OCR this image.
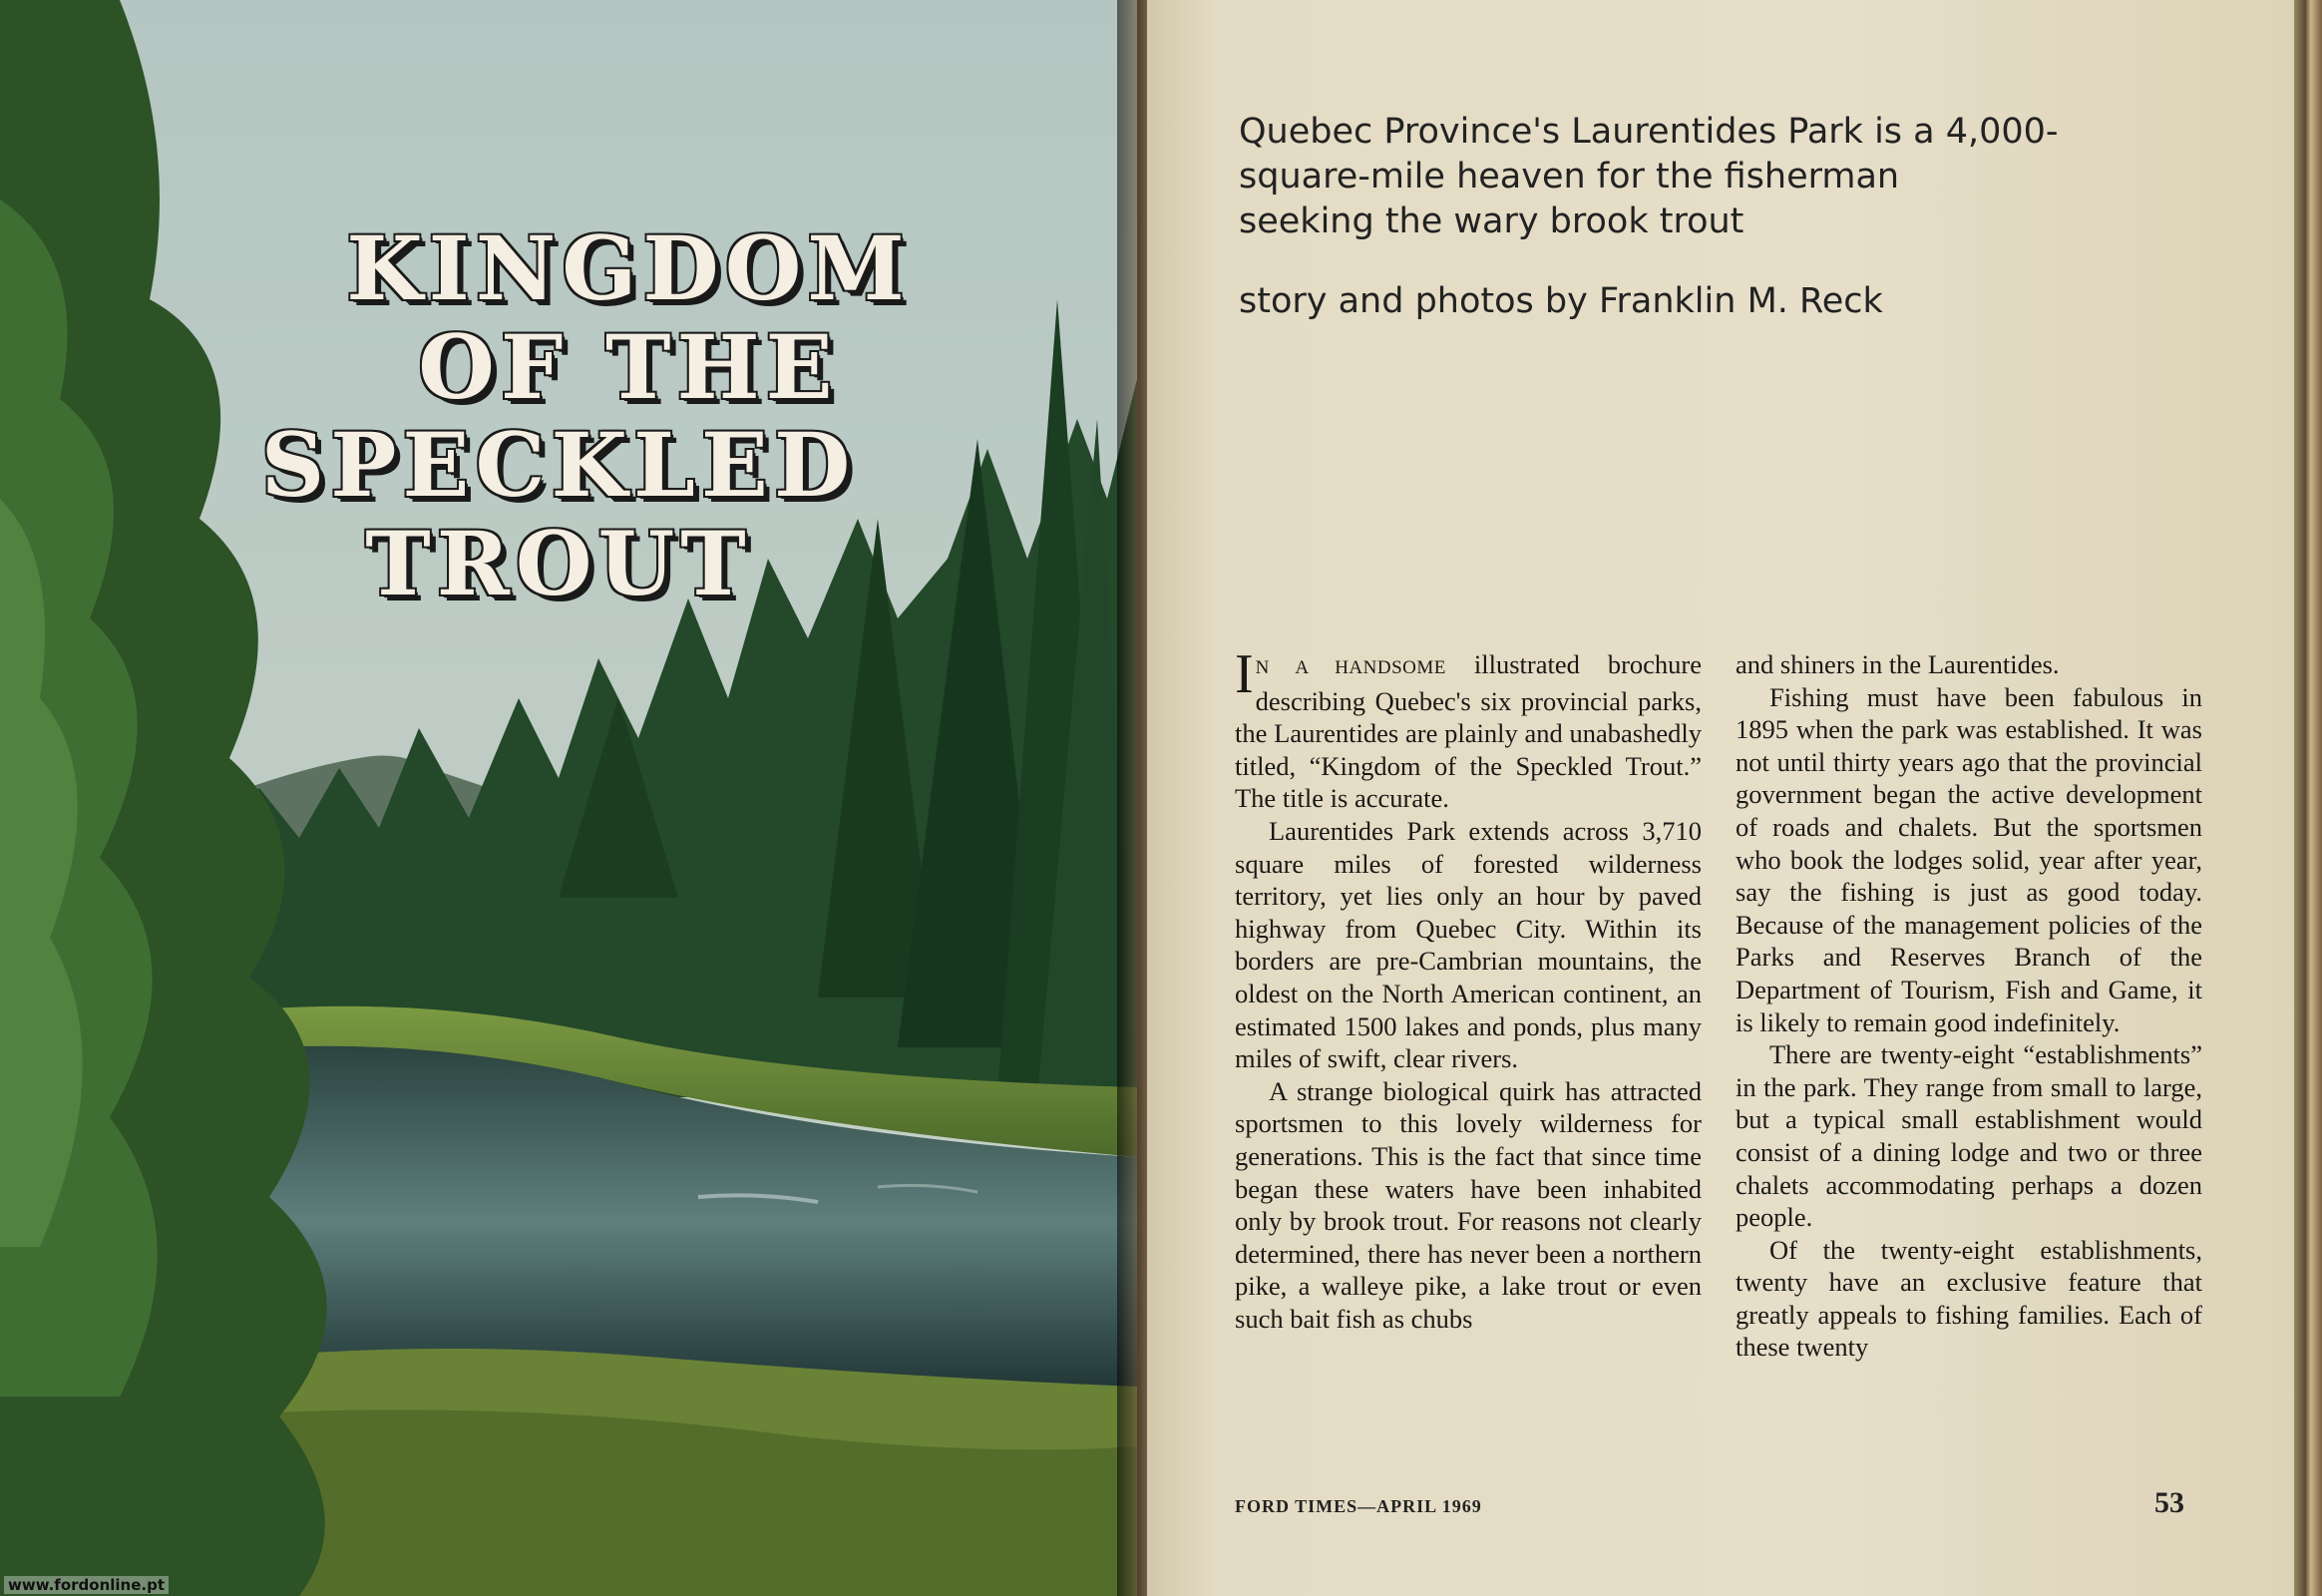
KINGDOM
OF THE
SPECKLED TROUT
www.fordonline.pt

Quebec Province's Laurentides Park is a 4,000-
square-mile heaven for the fisherman
seeking the wary brook trout

story and photos by Franklin M. Reck

I N A HANDSOME illustrated brochure describing Quebec's six provincial parks, the Laurentides are plainly and unabashedly titled, “Kingdom of the Speckled Trout.” The title is accurate.

Laurentides Park extends across 3,710 square miles of forested wilderness territory, yet lies only an hour by paved highway from Quebec City. Within its borders are pre-Cambrian mountains, the oldest on the North American continent, an estimated 1500 lakes and ponds, plus many miles of swift, clear rivers.

A strange biological quirk has attracted sportsmen to this lovely wilderness for generations. This is the fact that since time began these waters have been inhabited only by brook trout. For reasons not clearly determined, there has never been a northern pike, a walleye pike, a lake trout or even such bait fish as chubs

and shiners in the Laurentides.

Fishing must have been fabulous in 1895 when the park was established. It was not until thirty years ago that the provincial government began the active development of roads and chalets. But the sportsmen who book the lodges solid, year after year, say the fishing is just as good today. Because of the management policies of the Parks and Reserves Branch of the Department of Tourism, Fish and Game, it is likely to remain good indefinitely.

There are twenty-eight “establishments” in the park. They range from small to large, but a typical small establishment would consist of a dining lodge and two or three chalets accommodating perhaps a dozen people.

Of the twenty-eight establishments, twenty have an exclusive feature that greatly appeals to fishing families. Each of these twenty

FORD TIMES—APRIL 1969	53
